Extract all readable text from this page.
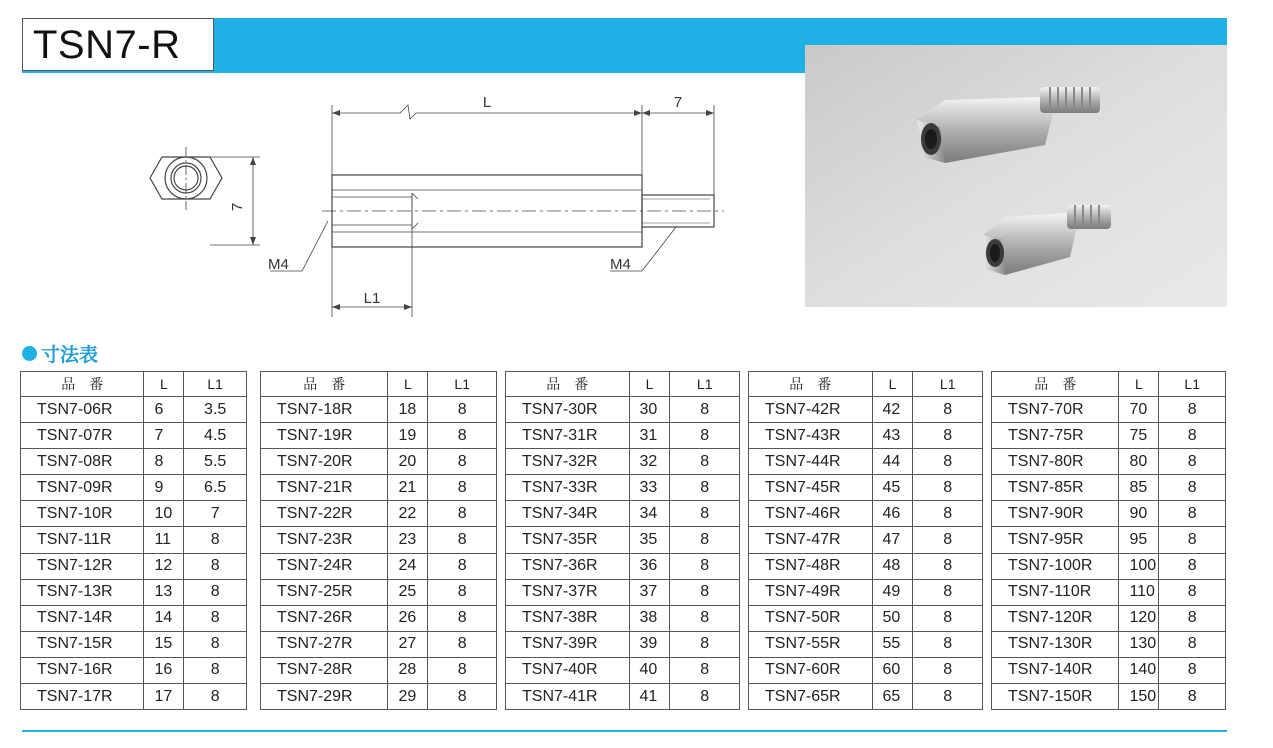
TSN7-R
L	7
7
L1
M4	M4
寸法表
品　番	L	L1
TSN7-06R	6	3.5
TSN7-07R	7	4.5
TSN7-08R	8	5.5
TSN7-09R	9	6.5
TSN7-10R	10	7
TSN7-11R	11	8
TSN7-12R	12	8
TSN7-13R	13	8
TSN7-14R	14	8
TSN7-15R	15	8
TSN7-16R	16	8
TSN7-17R	17	8
品　番	L	L1
TSN7-18R	18	8
TSN7-19R	19	8
TSN7-20R	20	8
TSN7-21R	21	8
TSN7-22R	22	8
TSN7-23R	23	8
TSN7-24R	24	8
TSN7-25R	25	8
TSN7-26R	26	8
TSN7-27R	27	8
TSN7-28R	28	8
TSN7-29R	29	8
品　番	L	L1
TSN7-30R	30	8
TSN7-31R	31	8
TSN7-32R	32	8
TSN7-33R	33	8
TSN7-34R	34	8
TSN7-35R	35	8
TSN7-36R	36	8
TSN7-37R	37	8
TSN7-38R	38	8
TSN7-39R	39	8
TSN7-40R	40	8
TSN7-41R	41	8
品　番	L	L1
TSN7-42R	42	8
TSN7-43R	43	8
TSN7-44R	44	8
TSN7-45R	45	8
TSN7-46R	46	8
TSN7-47R	47	8
TSN7-48R	48	8
TSN7-49R	49	8
TSN7-50R	50	8
TSN7-55R	55	8
TSN7-60R	60	8
TSN7-65R	65	8
品　番	L	L1
TSN7-70R	70	8
TSN7-75R	75	8
TSN7-80R	80	8
TSN7-85R	85	8
TSN7-90R	90	8
TSN7-95R	95	8
TSN7-100R	100	8
TSN7-110R	110	8
TSN7-120R	120	8
TSN7-130R	130	8
TSN7-140R	140	8
TSN7-150R	150	8
